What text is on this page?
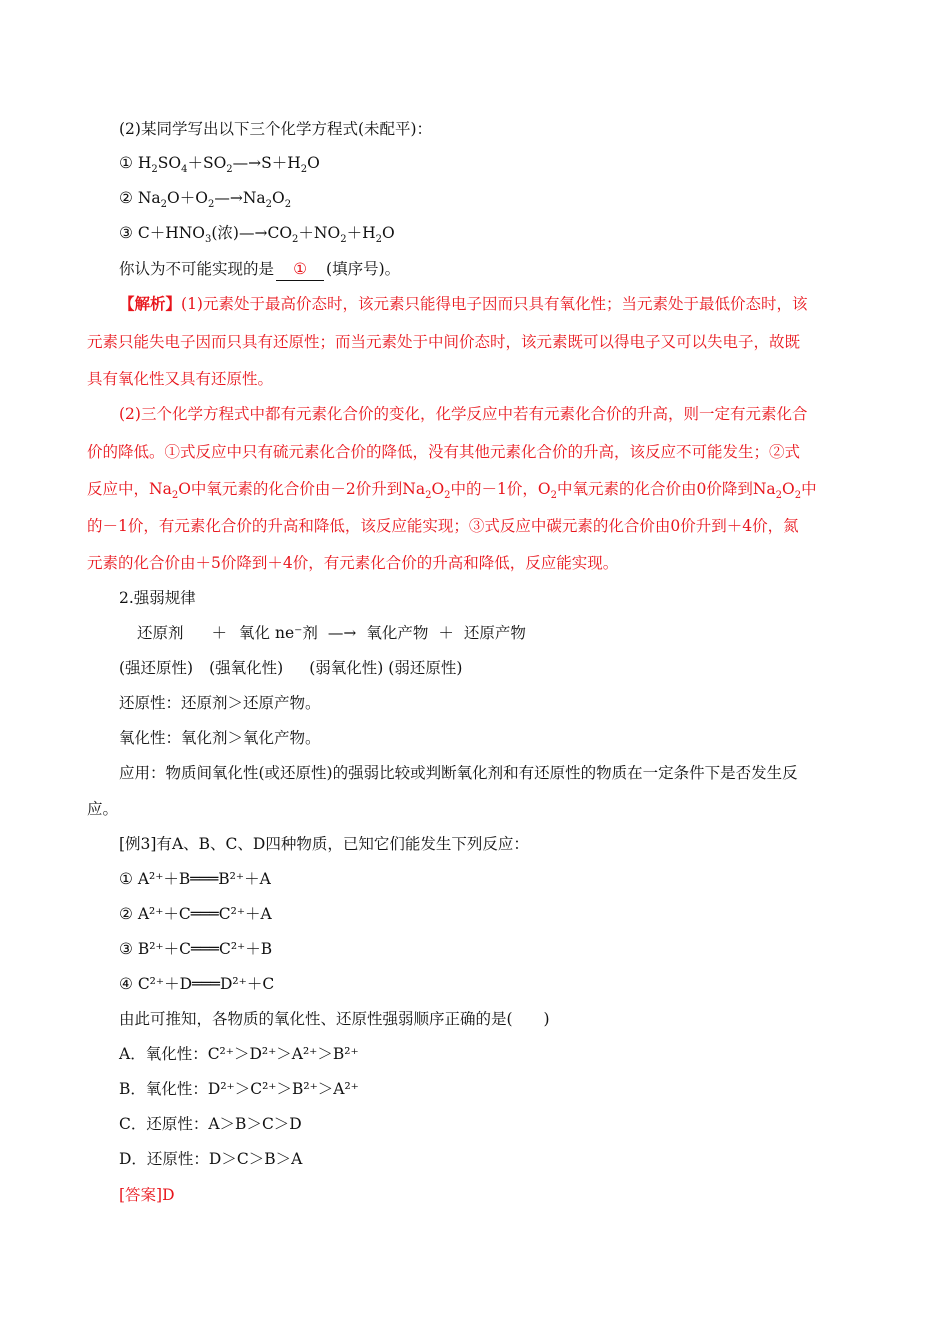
(2)某同学写出以下三个化学方程式(未配平)：
① $H_2SO_4+SO_2—\to S+H_2O$
② $Na_2O+O_2—\to Na_2O_2$
③ $C+HNO_3$(浓)$—\to CO_2+NO_2+H_2O$
你认为不可能实现的是 ① (填序号)。
【解析】(1)元素处于最高价态时，该元素只能得电子因而只具有氧化性；当元素处于最低价态时，该
元素只能失电子因而只具有还原性；而当元素处于中间价态时，该元素既可以得电子又可以失电子，故既
具有氧化性又具有还原性。
(2)三个化学方程式中都有元素化合价的变化，化学反应中若有元素化合价的升高，则一定有元素化合
价的降低。①式反应中只有硫元素化合价的降低，没有其他元素化合价的升高，该反应不可能发生；②式
反应中，$Na_2O$中氧元素的化合价由－2价升到$Na_2O_2$中的－1价，$O_2$中氧元素的化合价由0价降到$Na_2O_2$中
的－1价，有元素化合价的升高和降低，该反应能实现；③式反应中碳元素的化合价由0价升到＋4价，氮
元素的化合价由＋5价降到＋4价，有元素化合价的升高和降低，反应能实现。
2.强弱规律
还原剂 ＋ 氧化 ne⁻剂 —→ 氧化产物 ＋ 还原产物
(强还原性) (强氧化性) (弱氧化性) (弱还原性)
还原性：还原剂＞还原产物。
氧化性：氧化剂＞氧化产物。
应用：物质间氧化性(或还原性)的强弱比较或判断氧化剂和有还原性的物质在一定条件下是否发生反
应。
[例3]有A、B、C、D四种物质，已知它们能发生下列反应：
① A²⁺＋B═══B²⁺＋A
② A²⁺＋C═══C²⁺＋A
③ B²⁺＋C═══C²⁺＋B
④ C²⁺＋D═══D²⁺＋C
由此可推知，各物质的氧化性、还原性强弱顺序正确的是(　　)
A．氧化性：C²⁺＞D²⁺＞A²⁺＞B²⁺
B．氧化性：D²⁺＞C²⁺＞B²⁺＞A²⁺
C．还原性：A＞B＞C＞D
D．还原性：D＞C＞B＞A
[答案]D
